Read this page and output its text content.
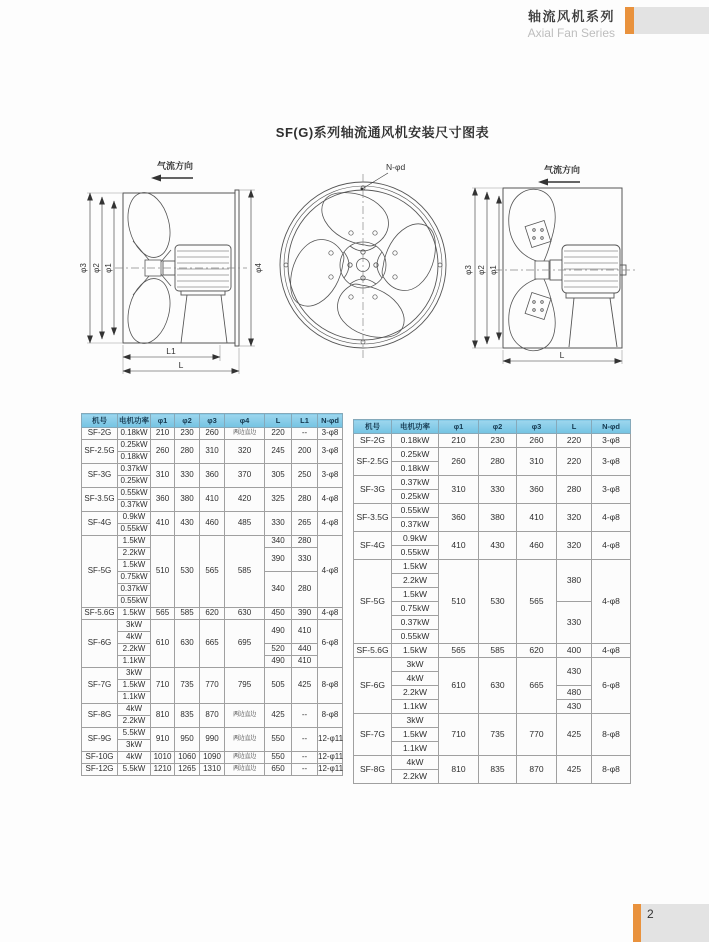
轴流风机系列
Axial Fan Series
SF(G)系列轴流通风机安装尺寸图表
气流方向
φ3 φ2 φ1	φ4
L1
L
N-φd	气流方向
φ3 φ2 φ1
L
机号	电机功率	φ1	φ2	φ3	φ4	L	L1	N-φd
SF-2G	0.18kW	210	230	260	两边直边	220	--	3-φ8
SF-2.5G	0.25kW	260	280	310	320	245	200	3-φ8
	0.18kW							
SF-3G	0.37kW	310	330	360	370	305	250	3-φ8
	0.25kW							
SF-3.5G	0.55kW	360	380	410	420	325	280	4-φ8
	0.37kW							
SF-4G	0.9kW	410	430	460	485	330	265	4-φ8
	0.55kW							
SF-5G	1.5kW	510	530	565	585	340	280	4-φ8
	2.2kW					390	330	
	1.5kW							
	0.75kW					340	280	
	0.37kW							
	0.55kW							
SF-5.6G	1.5kW	565	585	620	630	450	390	4-φ8
SF-6G	3kW	610	630	665	695	490	410	6-φ8
	4kW							
	2.2kW					520	440	
	1.1kW					490	410	
SF-7G	3kW	710	735	770	795	505	425	8-φ8
	1.5kW							
	1.1kW							
SF-8G	4kW	810	835	870	两边直边	425	--	8-φ8
	2.2kW							
SF-9G	5.5kW	910	950	990	两边直边	550	--	12-φ11
	3kW							
SF-10G	4kW	1010	1060	1090	两边直边	550	--	12-φ11
SF-12G	5.5kW	1210	1265	1310	两边直边	650	--	12-φ11
机号	电机功率	φ1	φ2	φ3	L	N-φd
SF-2G	0.18kW	210	230	260	220	3-φ8
SF-2.5G	0.25kW	260	280	310	220	3-φ8
	0.18kW					
SF-3G	0.37kW	310	330	360	280	3-φ8
	0.25kW					
SF-3.5G	0.55kW	360	380	410	320	4-φ8
	0.37kW					
SF-4G	0.9kW	410	430	460	320	4-φ8
	0.55kW					
SF-5G	1.5kW	510	530	565	380	4-φ8
	2.2kW					
	1.5kW					
	0.75kW				330	
	0.37kW					
	0.55kW					
SF-5.6G	1.5kW	565	585	620	400	4-φ8
SF-6G	3kW	610	630	665	430	6-φ8
	4kW					
	2.2kW				480	
	1.1kW				430	
SF-7G	3kW	710	735	770	425	8-φ8
	1.5kW					
	1.1kW					
SF-8G	4kW	810	835	870	425	8-φ8
	2.2kW					
2
